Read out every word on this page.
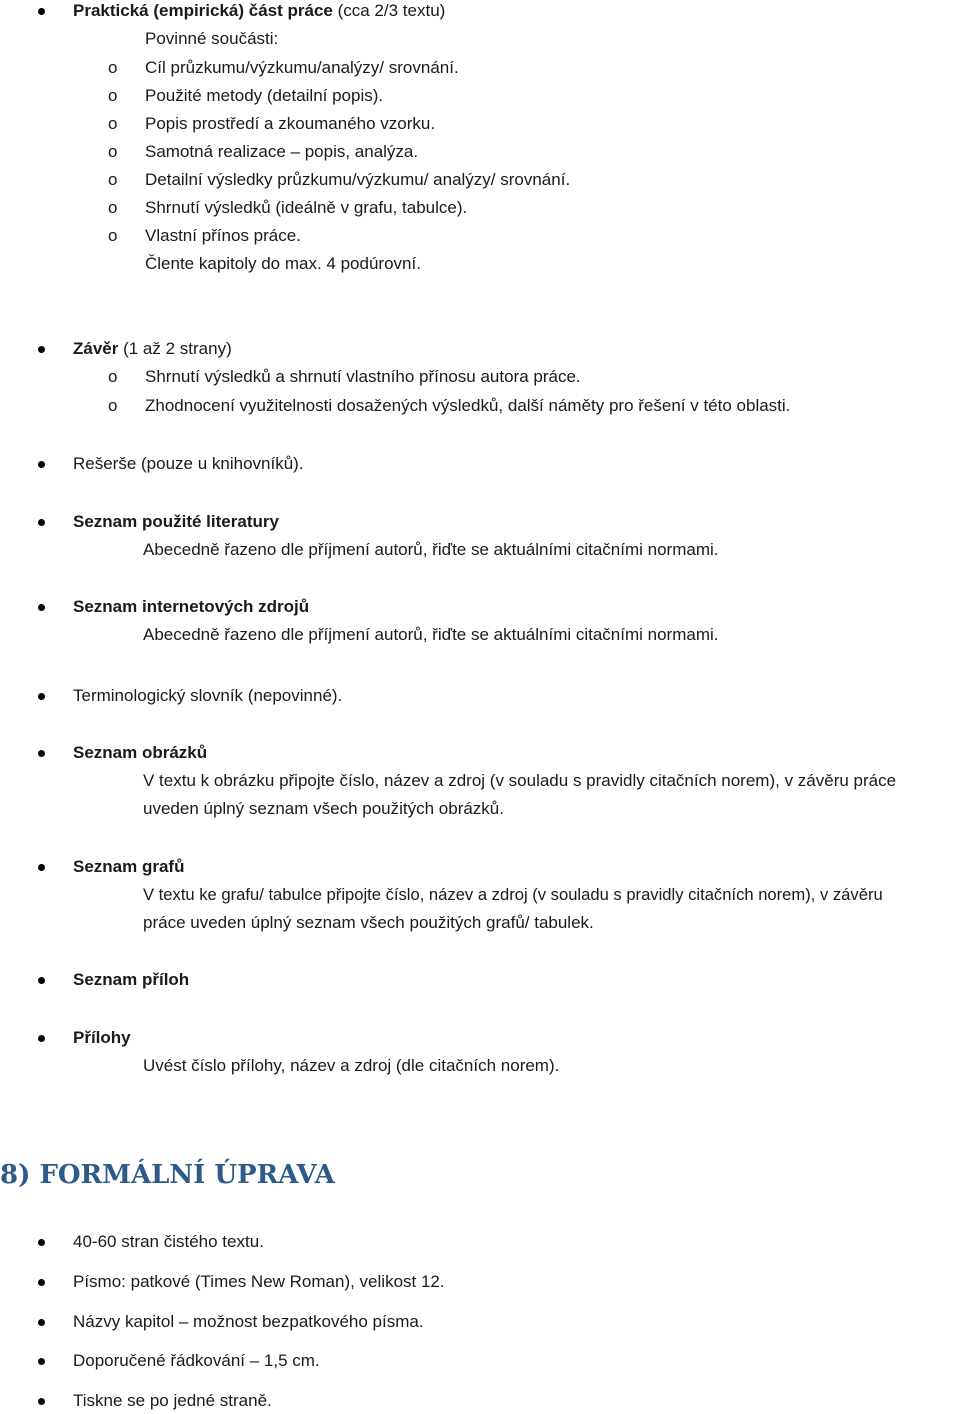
Praktická (empirická) část práce (cca 2/3 textu)
Povinné součásti:
o Cíl průzkumu/výzkumu/analýzy/ srovnání.
o Použité metody (detailní popis).
o Popis prostředí a zkoumaného vzorku.
o Samotná realizace – popis, analýza.
o Detailní výsledky průzkumu/výzkumu/ analýzy/ srovnání.
o Shrnutí výsledků (ideálně v grafu, tabulce).
o Vlastní přínos práce.
Člente kapitoly do max. 4 podúrovní.
Závěr (1 až 2 strany)
o Shrnutí výsledků a shrnutí vlastního přínosu autora práce.
o Zhodnocení využitelnosti dosažených výsledků, další náměty pro řešení v této oblasti.
Rešerše (pouze u knihovníků).
Seznam použité literatury
Abecedně řazeno dle příjmení autorů, řiďte se aktuálními citačními normami.
Seznam internetových zdrojů
Abecedně řazeno dle příjmení autorů, řiďte se aktuálními citačními normami.
Terminologický slovník (nepovinné).
Seznam obrázků
V textu k obrázku připojte číslo, název a zdroj (v souladu s pravidly citačních norem), v závěru práce
uveden úplný seznam všech použitých obrázků.
Seznam grafů
V textu ke grafu/ tabulce připojte číslo, název a zdroj (v souladu s pravidly citačních norem), v závěru
práce uveden úplný seznam všech použitých grafů/ tabulek.
Seznam příloh
Přílohy
Uvést číslo přílohy, název a zdroj (dle citačních norem).
8) FORMÁLNÍ ÚPRAVA
40-60 stran čistého textu.
Písmo: patkové (Times New Roman), velikost 12.
Názvy kapitol – možnost bezpatkového písma.
Doporučené řádkování – 1,5 cm.
Tiskne se po jedné straně.
